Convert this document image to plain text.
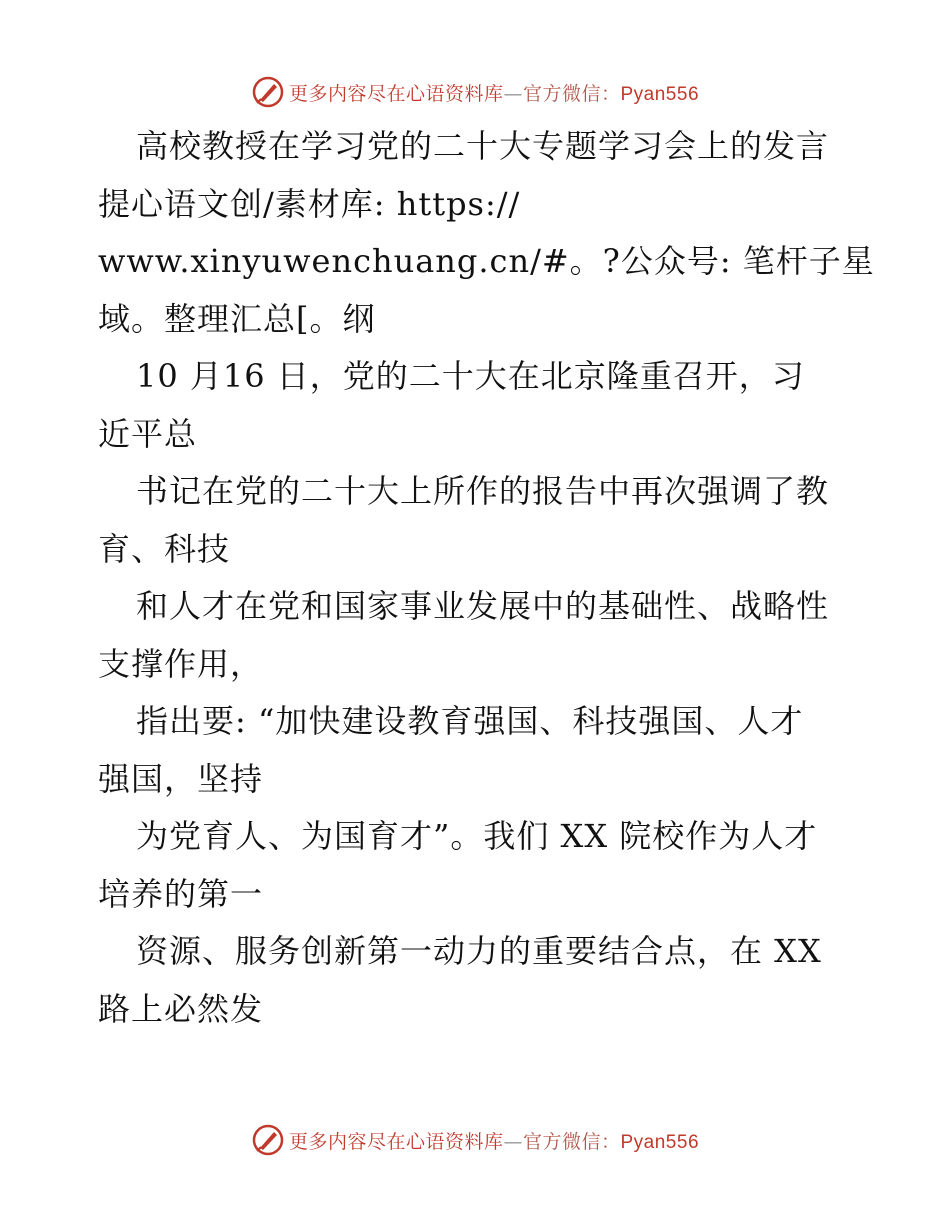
更多内容尽在心语资料库—官方微信：Pyan556
高校教授在学习党的二十大专题学习会上的发言
提心语文创/素材库: https://
www.xinyuwenchuang.cn/#。?公众号: 笔杆子星
域。整理汇总[。纲
10 月16 日，党的二十大在北京隆重召开，习
近平总
书记在党的二十大上所作的报告中再次强调了教
育、科技
和人才在党和国家事业发展中的基础性、战略性
支撑作用，
指出要: “加快建设教育强国、科技强国、人才
强国，坚持
为党育人、为国育才”。我们 XX 院校作为人才
培养的第一
资源、服务创新第一动力的重要结合点，在 XX
路上必然发
更多内容尽在心语资料库—官方微信：Pyan556
